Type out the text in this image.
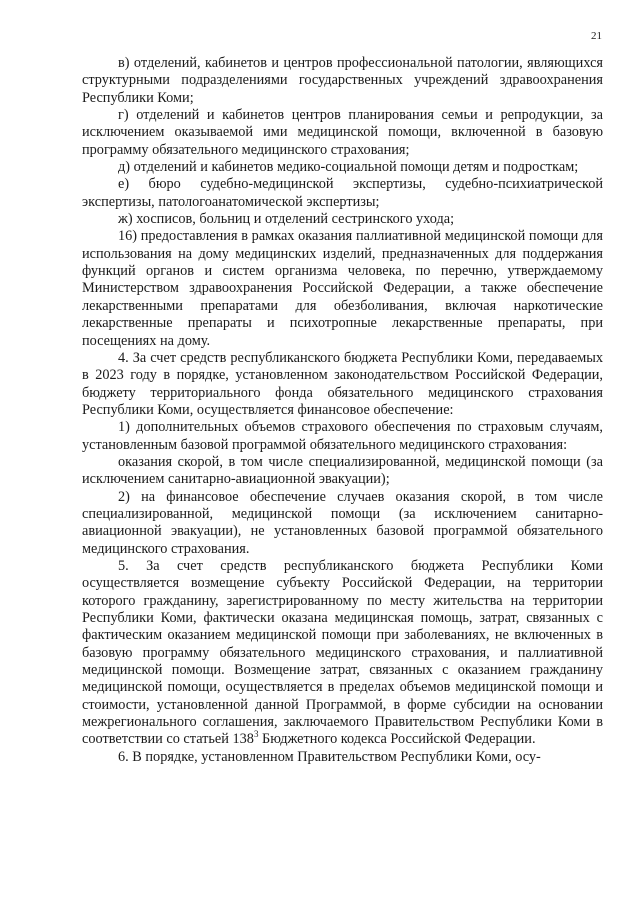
21

в) отделений, кабинетов и центров профессиональной патологии, являющихся структурными подразделениями государственных учреждений здравоохранения Республики Коми;

г) отделений и кабинетов центров планирования семьи и репродукции, за исключением оказываемой ими медицинской помощи, включенной в базовую программу обязательного медицинского страхования;

д) отделений и кабинетов медико-социальной помощи детям и подросткам;

е) бюро судебно-медицинской экспертизы, судебно-психиатрической экспертизы, патологоанатомической экспертизы;

ж) хосписов, больниц и отделений сестринского ухода;

16) предоставления в рамках оказания паллиативной медицинской помощи для использования на дому медицинских изделий, предназначенных для поддержания функций органов и систем организма человека, по перечню, утверждаемому Министерством здравоохранения Российской Федерации, а также обеспечение лекарственными препаратами для обезболивания, включая наркотические лекарственные препараты и психотропные лекарственные препараты, при посещениях на дому.

4. За счет средств республиканского бюджета Республики Коми, передаваемых в 2023 году в порядке, установленном законодательством Российской Федерации, бюджету территориального фонда обязательного медицинского страхования Республики Коми, осуществляется финансовое обеспечение:

1) дополнительных объемов страхового обеспечения по страховым случаям, установленным базовой программой обязательного медицинского страхования:

оказания скорой, в том числе специализированной, медицинской помощи (за исключением санитарно-авиационной эвакуации);

2) на финансовое обеспечение случаев оказания скорой, в том числе специализированной, медицинской помощи (за исключением санитарно-авиационной эвакуации), не установленных базовой программой обязательного медицинского страхования.

5. За счет средств республиканского бюджета Республики Коми осуществляется возмещение субъекту Российской Федерации, на территории которого гражданину, зарегистрированному по месту жительства на территории Республики Коми, фактически оказана медицинская помощь, затрат, связанных с фактическим оказанием медицинской помощи при заболеваниях, не включенных в базовую программу обязательного медицинского страхования, и паллиативной медицинской помощи. Возмещение затрат, связанных с оказанием гражданину медицинской помощи, осуществляется в пределах объемов медицинской помощи и стоимости, установленной данной Программой, в форме субсидии на основании межрегионального соглашения, заключаемого Правительством Республики Коми в соответствии со статьей $138^3$ Бюджетного кодекса Российской Федерации.

6. В порядке, установленном Правительством Республики Коми, осу-
